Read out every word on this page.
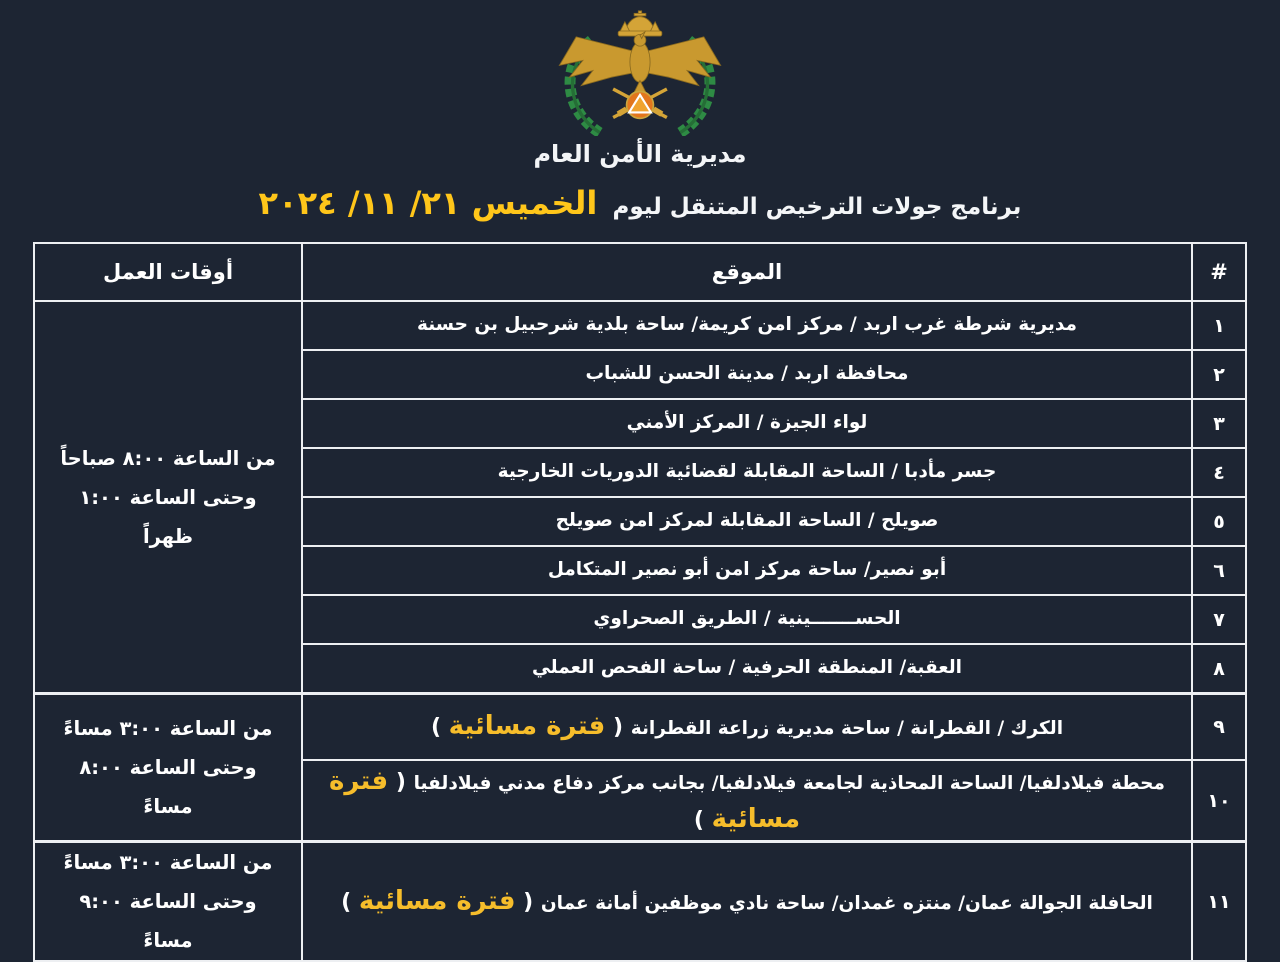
مديرية الأمن العام
برنامج جولات الترخيص المتنقل ليوم الخميس ٢١/ ١١/ ٢٠٢٤
#	الموقع	أوقات العمل
١	مديرية شرطة غرب اربد / مركز امن كريمة/ ساحة بلدية شرحبيل بن حسنة	من الساعة ٨:٠٠ صباحاً وحتى الساعة ١:٠٠ ظهراً
٢	محافظة اربد / مدينة الحسن للشباب	
٣	لواء الجيزة / المركز الأمني	
٤	جسر مأدبا / الساحة المقابلة لقضائية الدوريات الخارجية	
٥	صويلح / الساحة المقابلة لمركز امن صويلح	
٦	أبو نصير/ ساحة مركز امن أبو نصير المتكامل	
٧	الحســـــــينية / الطريق الصحراوي	
٨	العقبة/ المنطقة الحرفية / ساحة الفحص العملي	
٩	الكرك / القطرانة / ساحة مديرية زراعة القطرانة ( فترة مسائية )	من الساعة ٣:٠٠ مساءً وحتى الساعة ٨:٠٠ مساءً
١٠	محطة فيلادلفيا/ الساحة المحاذية لجامعة فيلادلفيا/ بجانب مركز دفاع مدني فيلادلفيا ( فترة مسائية )	
١١	الحافلة الجوالة عمان/ منتزه غمدان/ ساحة نادي موظفين أمانة عمان ( فترة مسائية )	من الساعة ٣:٠٠ مساءً وحتى الساعة ٩:٠٠ مساءً
